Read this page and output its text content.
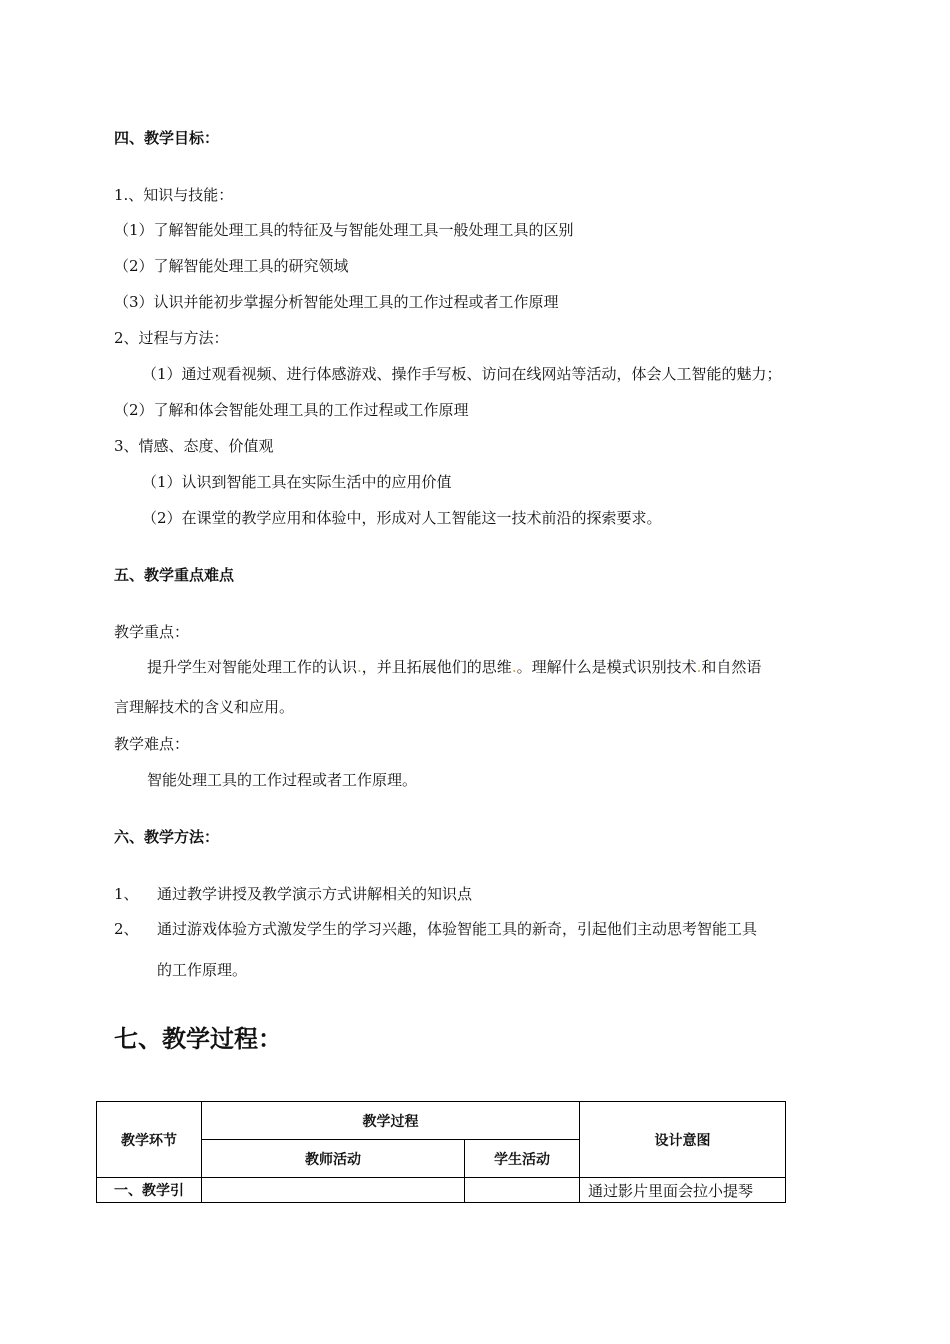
四、教学目标：
1.、知识与技能：
（1）了解智能处理工具的特征及与智能处理工具一般处理工具的区别
（2）了解智能处理工具的研究领域
（3）认识并能初步掌握分析智能处理工具的工作过程或者工作原理
2、过程与方法：
（1）通过观看视频、进行体感游戏、操作手写板、访问在线网站等活动，体会人工智能的魅力；
（2）了解和体会智能处理工具的工作过程或工作原理
3、情感、态度、价值观
（1）认识到智能工具在实际生活中的应用价值
（2）在课堂的教学应用和体验中，形成对人工智能这一技术前沿的探索要求。
五、教学重点难点
教学重点：
提升学生对智能处理工作的认识.，并且拓展他们的思维.。理解什么是模式识别技术.和自然语
言理解技术的含义和应用。
教学难点：
智能处理工具的工作过程或者工作原理。
六、教学方法：
1、 通过教学讲授及教学演示方式讲解相关的知识点
2、 通过游戏体验方式激发学生的学习兴趣，体验智能工具的新奇，引起他们主动思考智能工具
的工作原理。
七、教学过程：
教学环节	教学过程		设计意图
	教师活动	学生活动	
一、教学引			通过影片里面会拉小提琴
